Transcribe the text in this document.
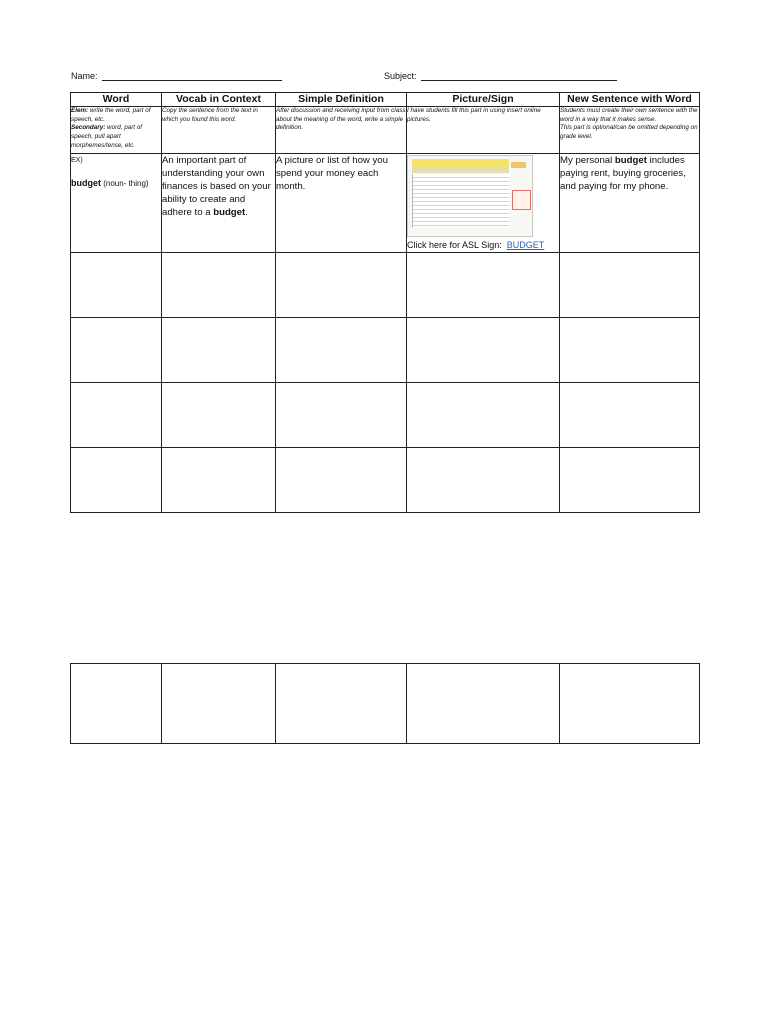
Name:	Subject:
Word	Vocab in Context	Simple Definition	Picture/Sign	New Sentence with Word
Elem: write the word, part of speech, etc.
Secondary: word, part of speech, pull apart morphemes/tense, etc.	Copy the sentence from the text in which you found this word.	After discussion and receiving input from class about the meaning of the word, write a simple definition.	I have students fill this part in using insert online pictures.	Students must create their own sentence with the word in a way that it makes sense.
This part is optional/can be omitted depending on grade level.

EX)
budget (noun- thing)	An important part of understanding your own finances is based on your ability to create and adhere to a budget.	A picture or list of how you spend your money each month.	Click here for ASL Sign: BUDGET	My personal budget includes paying rent, buying groceries, and paying for my phone.
